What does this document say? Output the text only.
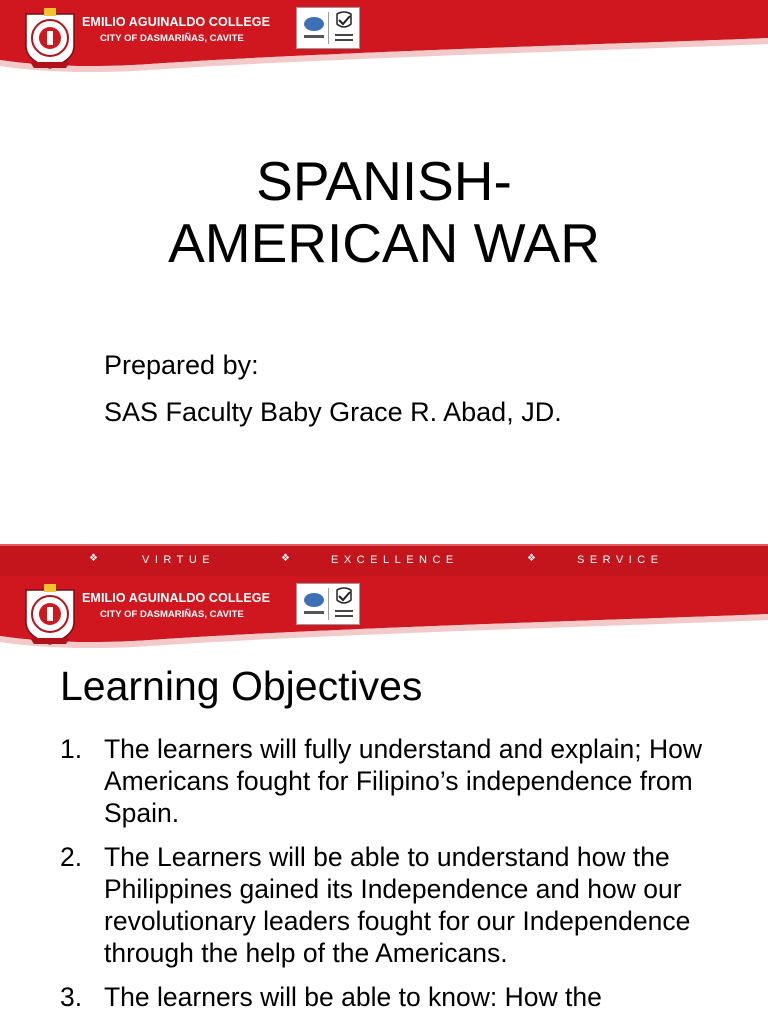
EMILIO AGUINALDO COLLEGE
CITY OF DASMARIÑAS, CAVITE
SPANISH-
AMERICAN WAR
Prepared by:
SAS Faculty Baby Grace R. Abad, JD.
❖	VIRTUE	❖	EXCELLENCE	❖	SERVICE
EMILIO AGUINALDO COLLEGE
CITY OF DASMARIÑAS, CAVITE
Learning Objectives
1. The learners will fully understand and explain; How Americans fought for Filipino’s independence from Spain.
2. The Learners will be able to understand how the Philippines gained its Independence and how our revolutionary leaders fought for our Independence through the help of the Americans.
3. The learners will be able to know: How the
